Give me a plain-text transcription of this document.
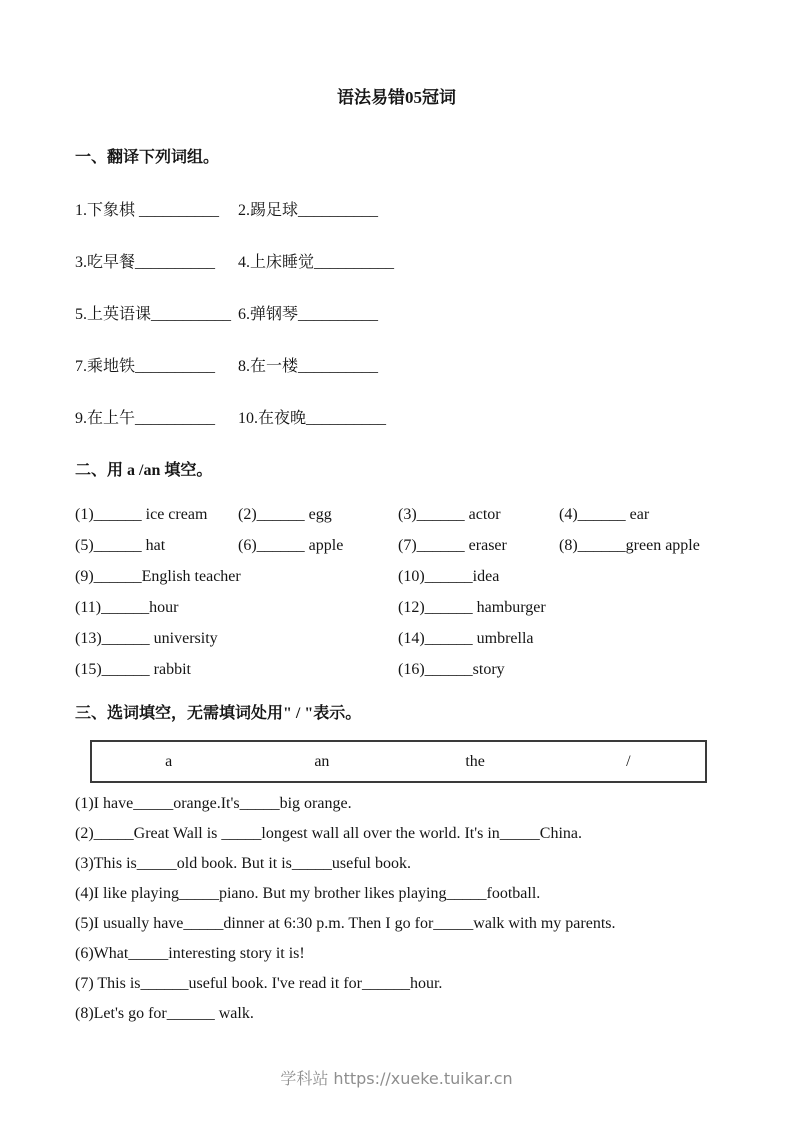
语法易错05冠词
一、翻译下列词组。
1.下象棋 __________	2.踢足球__________
3.吃早餐__________	4.上床睡觉__________
5.上英语课__________ 6.弹钢琴__________
7.乘地铁__________	8.在一楼__________
9.在上午__________	10.在夜晚__________
二、用 a /an 填空。
(1)______ ice cream	(2)______ egg	(3)______ actor	(4)______ ear
(5)______ hat	(6)______ apple	(7)______ eraser	(8)______green apple
(9)______English teacher	(10)______idea
(11)______hour	(12)______ hamburger
(13)______ university	(14)______ umbrella
(15)______ rabbit	(16)______story
三、选词填空，无需填词处用" / "表示。
a	an	the	/
(1)I have_____orange.It's_____big orange.
(2)_____Great Wall is _____longest wall all over the world. It's in_____China.
(3)This is_____old book. But it is_____useful book.
(4)I like playing_____piano. But my brother likes playing_____football.
(5)I usually have_____dinner at 6:30 p.m. Then I go for_____walk with my parents.
(6)What_____interesting story it is!
(7) This is______useful book. I've read it for______hour.
(8)Let's go for______ walk.
学科站 https://xueke.tuikar.cn
